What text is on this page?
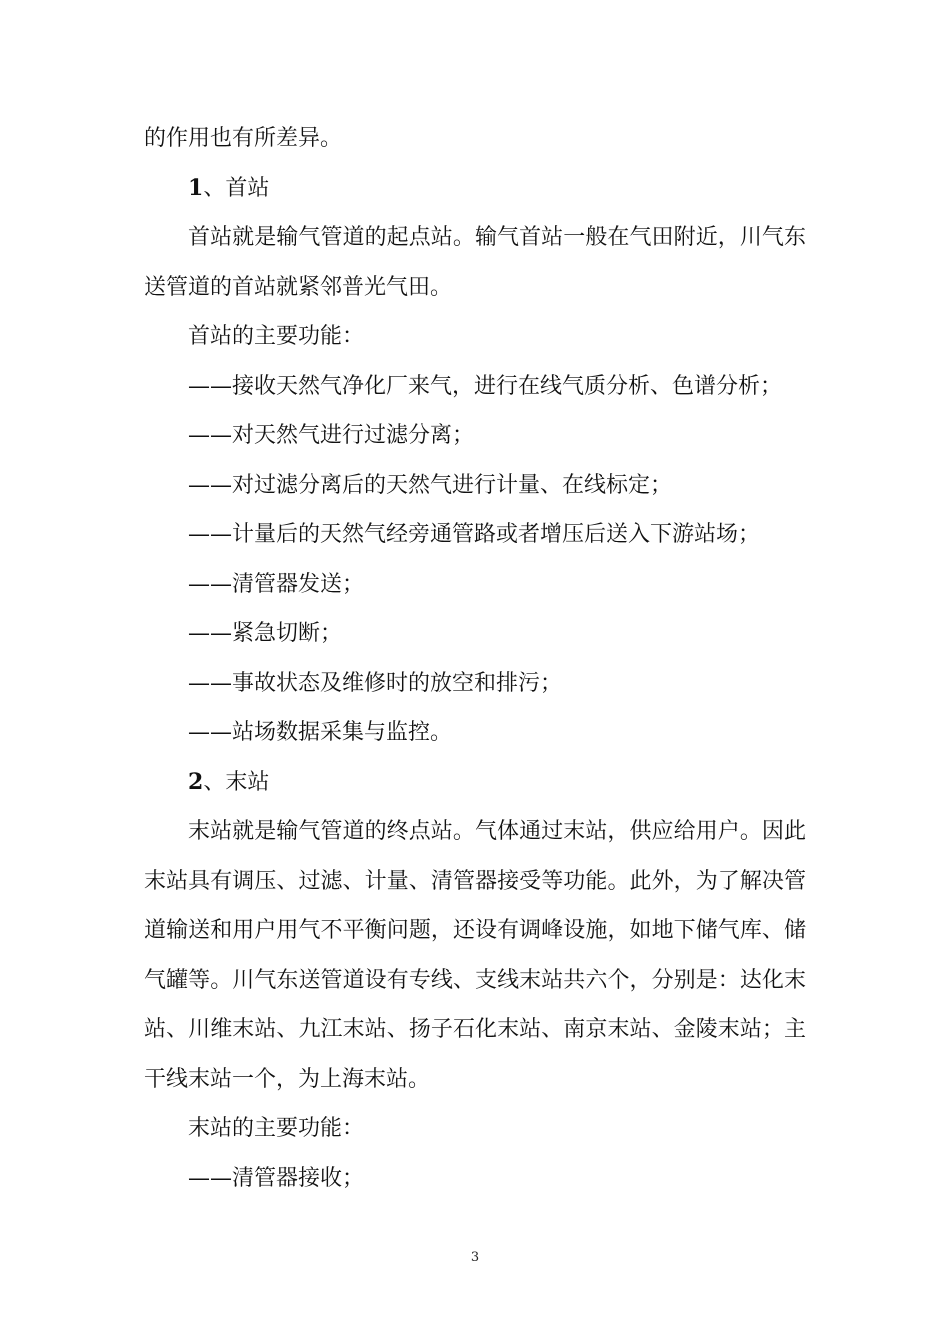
的作用也有所差异。

1、首站

首站就是输气管道的起点站。输气首站一般在气田附近，川气东送管道的首站就紧邻普光气田。

首站的主要功能：

——接收天然气净化厂来气，进行在线气质分析、色谱分析；

——对天然气进行过滤分离；

——对过滤分离后的天然气进行计量、在线标定；

——计量后的天然气经旁通管路或者增压后送入下游站场；

——清管器发送；

——紧急切断；

——事故状态及维修时的放空和排污；

——站场数据采集与监控。

2、末站

末站就是输气管道的终点站。气体通过末站，供应给用户。因此末站具有调压、过滤、计量、清管器接受等功能。此外，为了解决管道输送和用户用气不平衡问题，还设有调峰设施，如地下储气库、储气罐等。川气东送管道设有专线、支线末站共六个，分别是：达化末站、川维末站、九江末站、扬子石化末站、南京末站、金陵末站；主干线末站一个，为上海末站。

末站的主要功能：

——清管器接收；

3
